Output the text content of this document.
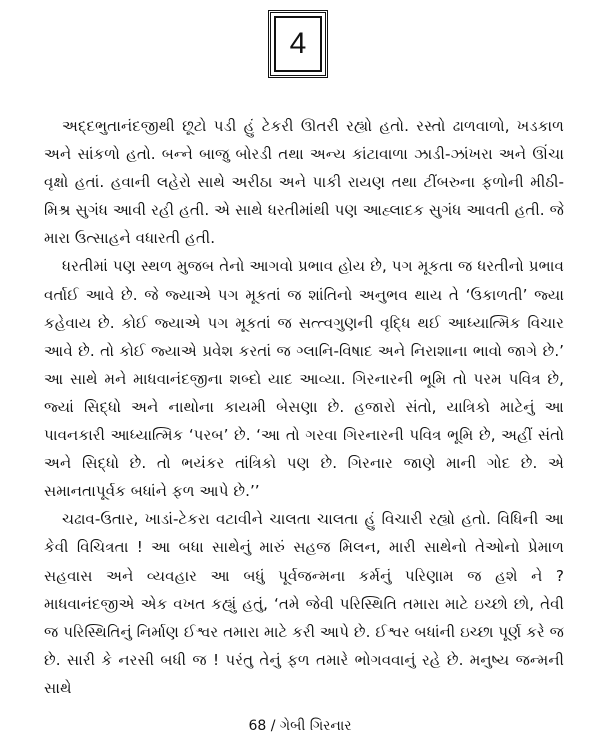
4

અદ્દભુતાનંદજીથી છૂટો પડી હું ટેકરી ઊતરી રહ્યો હતો. રસ્તો ઢાળવાળો, ખડકાળ અને સાંકળો હતો. બન્ને બાજુ બોરડી તથા અન્ય કાંટાવાળા ઝાડી-ઝાંખરા અને ઊંચા વૃક્ષો હતાં. હવાની લહેરો સાથે અરીઠા અને પાકી રાયણ તથા ટીંબરુના ફળોની મીઠી-મિશ્ર સુગંધ આવી રહી હતી. એ સાથે ધરતીમાંથી પણ આહ્લાદક સુગંધ આવતી હતી. જે મારા ઉત્સાહને વધારતી હતી.

ધરતીમાં પણ સ્થળ મુજબ તેનો આગવો પ્રભાવ હોય છે, પગ મૂકતા જ ધરતીનો પ્રભાવ વર્તાઈ આવે છે. જે જ્યાએ પગ મૂકતાં જ શાંતિનો અનુભવ થાય તે ‘ઉકાળતી’ જ્યા કહેવાય છે. કોઈ જ્યાએ પગ મૂકતાં જ સત્ત્વગુણની વૃદ્ધિ થઈ આધ્યાત્મિક વિચાર આવે છે. તો કોઈ જ્યાએ પ્રવેશ કરતાં જ ગ્લાનિ-વિષાદ અને નિરાશાના ભાવો જાગે છે.’ આ સાથે મને માધવાનંદજીના શબ્દો યાદ આવ્યા. ગિરનારની ભૂમિ તો પરમ પવિત્ર છે, જ્યાં સિદ્ધો અને નાથોના કાયમી બેસણા છે. હજારો સંતો, યાત્રિકો માટેનું આ પાવનકારી આધ્યાત્મિક ‘પરબ’ છે. ‘આ તો ગરવા ગિરનારની પવિત્ર ભૂમિ છે, અહીં સંતો અને સિદ્ધો છે. તો ભયંકર તાંત્રિકો પણ છે. ગિરનાર જાણે માની ગોદ છે. એ સમાનતાપૂર્વક બધાંને ફળ આપે છે.’’

ચઢાવ-ઉતાર, ખાડાં-ટેકરા વટાવીને ચાલતા ચાલતા હું વિચારી રહ્યો હતો. વિધિની આ કેવી વિચિત્રતા ! આ બધા સાથેનું મારું સહજ મિલન, મારી સાથેનો તેઓનો પ્રેમાળ સહવાસ અને વ્યવહાર આ બધું પૂર્વજન્મના કર્મનું પરિણામ જ હશે ને ? માધવાનંદજીએ એક વખત કહ્યું હતું, ‘તમે જેવી પરિસ્થિતિ તમારા માટે ઇચ્છો છો, તેવી જ પરિસ્થિતિનું નિર્માણ ઈશ્વર તમારા માટે કરી આપે છે. ઈશ્વર બધાંની ઇચ્છા પૂર્ણ કરે જ છે. સારી કે નરસી બધી જ ! પરંતુ તેનું ફળ તમારે ભોગવવાનું રહે છે. મનુષ્ય જન્મની સાથે

68 / ગેબી ગિરનાર
